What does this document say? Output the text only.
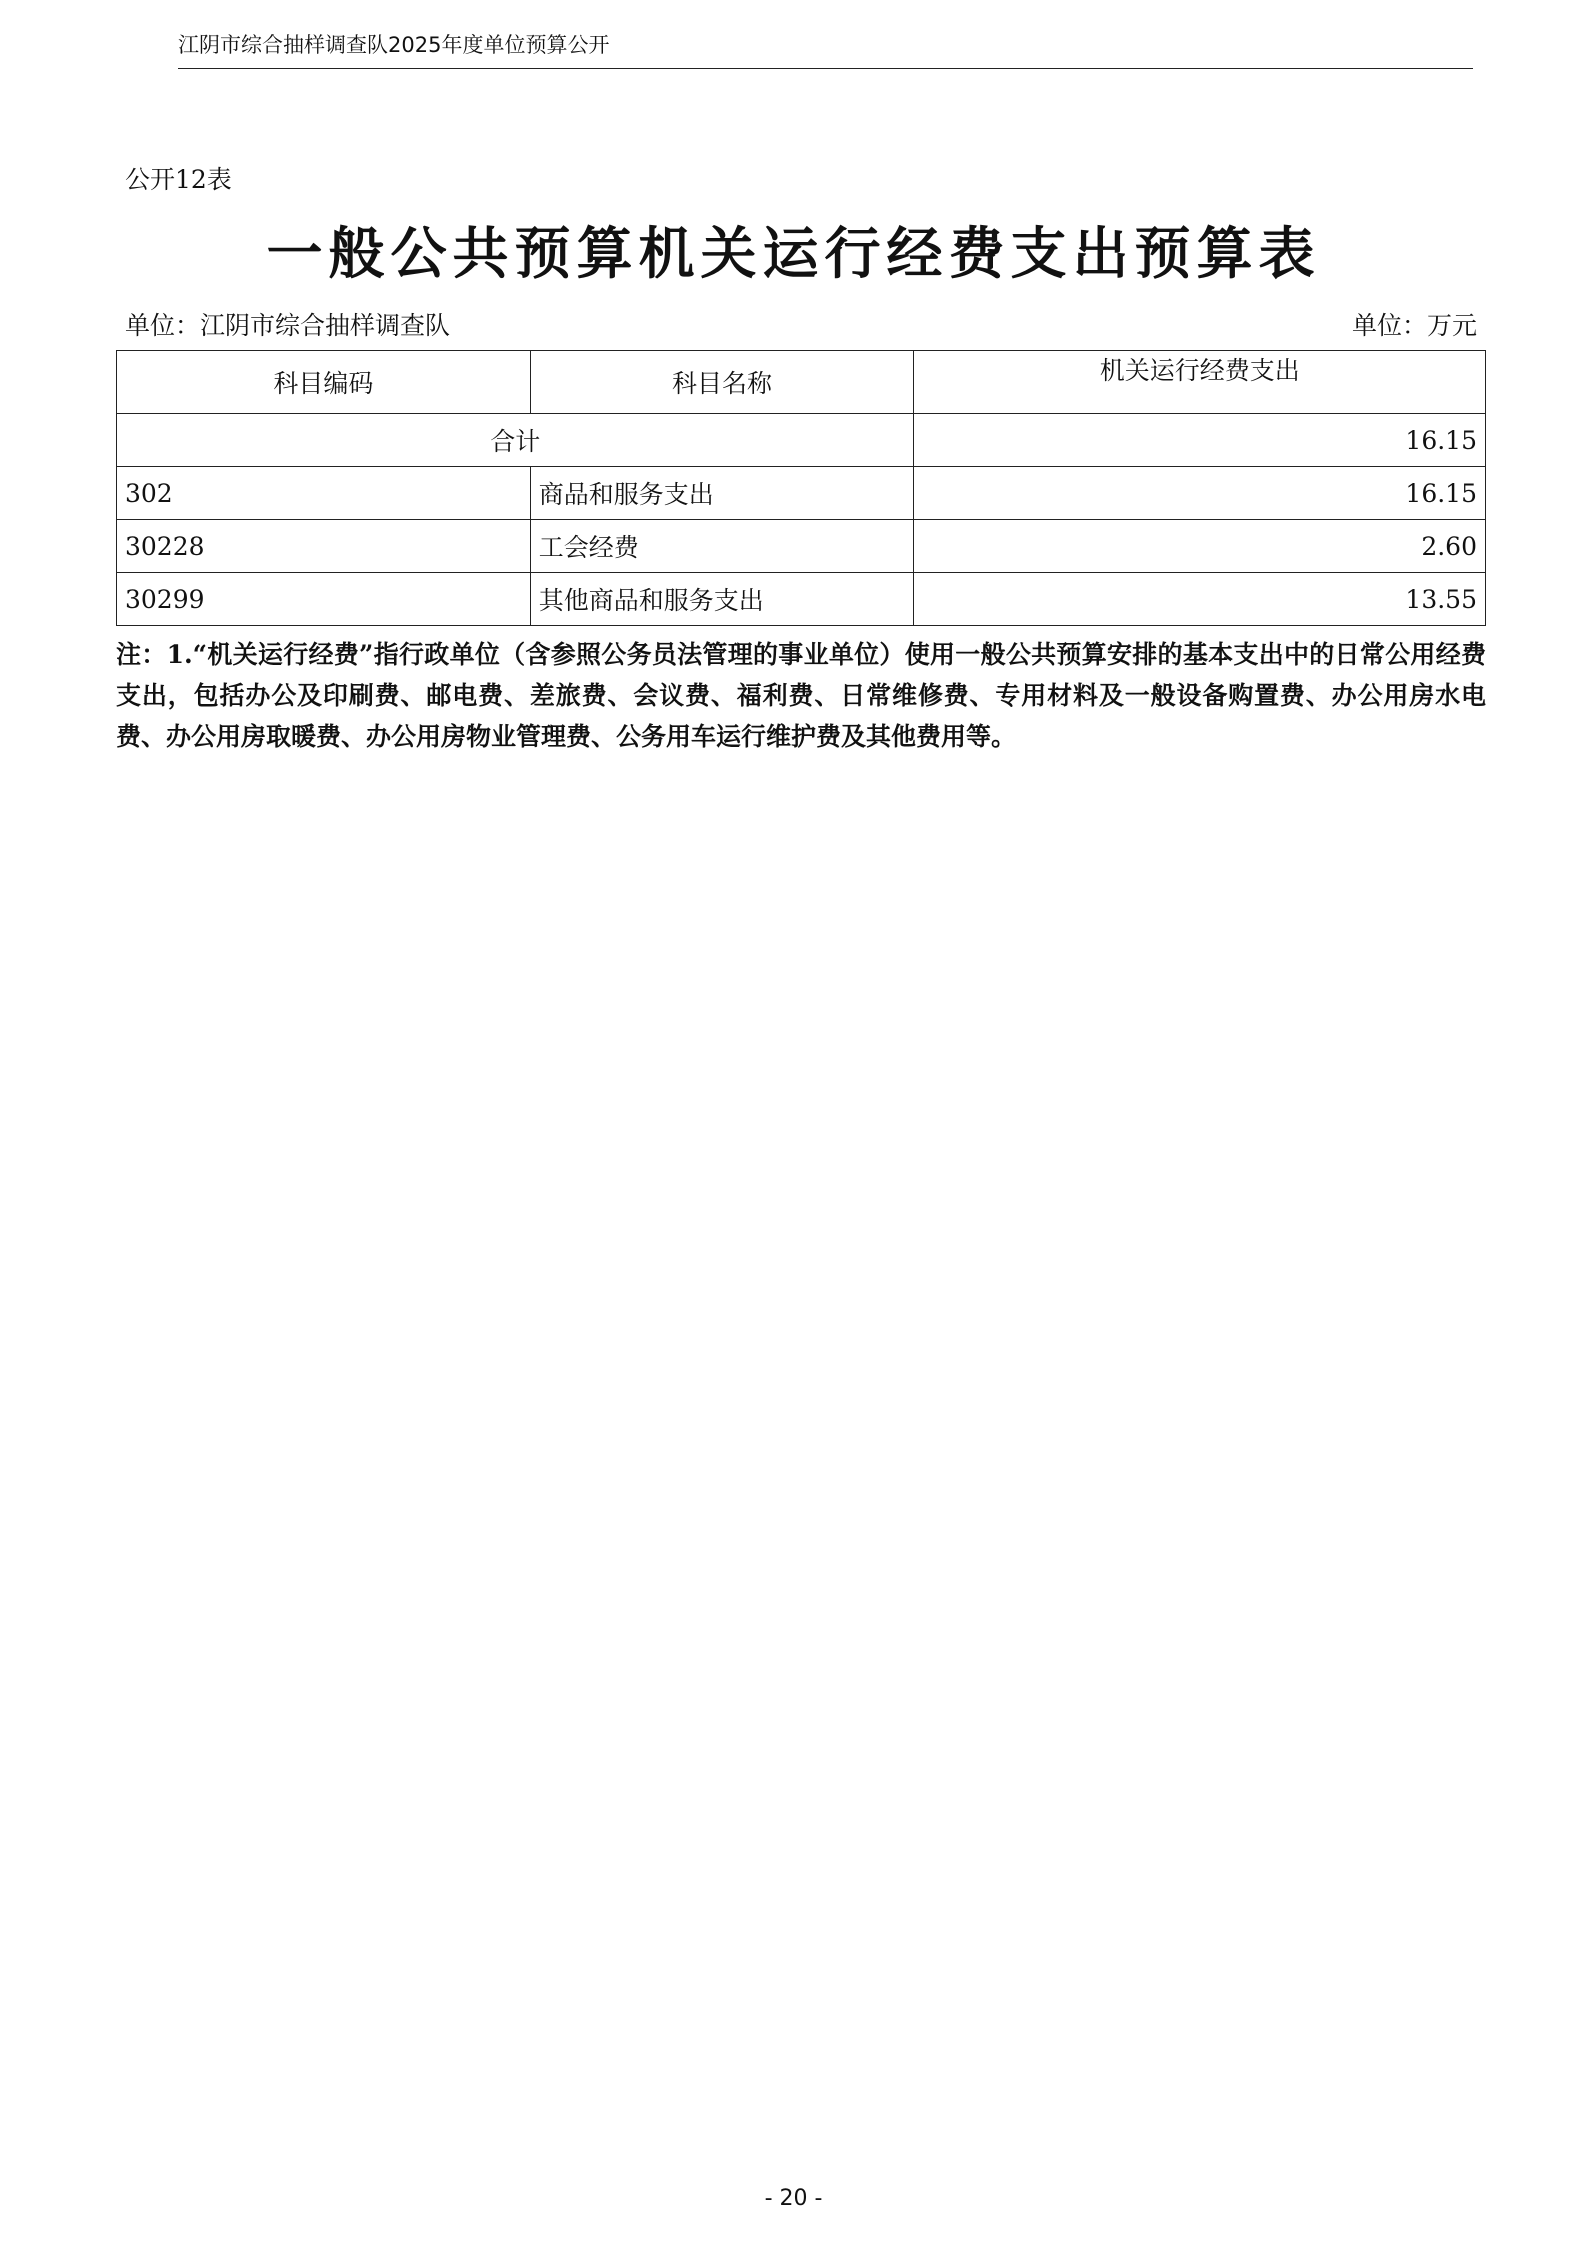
江阴市综合抽样调查队2025年度单位预算公开
公开12表
一般公共预算机关运行经费支出预算表
单位：江阴市综合抽样调查队	单位：万元
科目编码	科目名称	机关运行经费支出
合计		16.15
302	商品和服务支出	16.15
30228	工会经费	2.60
30299	其他商品和服务支出	13.55
注：1.“机关运行经费”指行政单位（含参照公务员法管理的事业单位）使用一般公共预算安排的基本支出中的日常公用经费支出，包括办公及印刷费、邮电费、差旅费、会议费、福利费、日常维修费、专用材料及一般设备购置费、办公用房水电费、办公用房取暖费、办公用房物业管理费、公务用车运行维护费及其他费用等。
- 20 -
